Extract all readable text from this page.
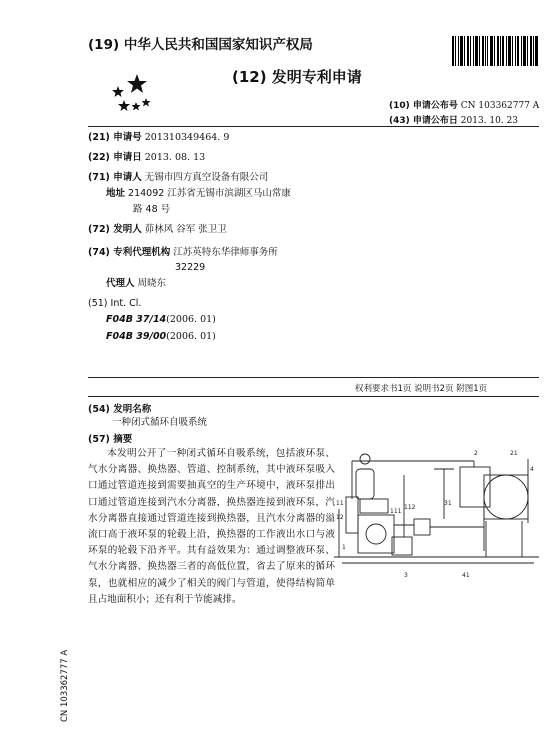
(19) 中华人民共和国国家知识产权局
(12) 发明专利申请
(10) 申请公布号 CN 103362777 A
(43) 申请公布日 2013. 10. 23
(21) 申请号 201310349464. 9
(22) 申请日 2013. 08. 13
(71) 申请人 无锡市四方真空设备有限公司
地址 214092 江苏省无锡市滨湖区马山常康
路 48 号
(72) 发明人 茆林风 谷军 张卫卫
(74) 专利代理机构 江苏英特东华律师事务所
32229
代理人 周晓东
(51) Int. Cl.
F04B 37/14(2006. 01)
F04B 39/00(2006. 01)
权利要求书1页 说明书2页 附图1页
(54) 发明名称
一种闭式循环自吸系统
(57) 摘要
本发明公开了一种闭式循环自吸系统，包括液环泵、气水分离器、换热器、管道、控制系统，其中液环泵吸入口通过管道连接到需要抽真空的生产环境中，液环泵排出口通过管道连接到汽水分离器，换热器连接到液环泵，汽水分离器直接通过管道连接到换热器，且汽水分离器的溢流口高于液环泵的轮毂上沿，换热器的工作液出水口与液环泵的轮毂下沿齐平。其有益效果为：通过调整液环泵、气水分离器、换热器三者的高低位置，省去了原来的循环泵，也就相应的减少了相关的阀门与管道，使得结构简单且占地面积小；还有利于节能减排。
2	21
4
3
31
11
12
111
112
1
41
CN 103362777 A
